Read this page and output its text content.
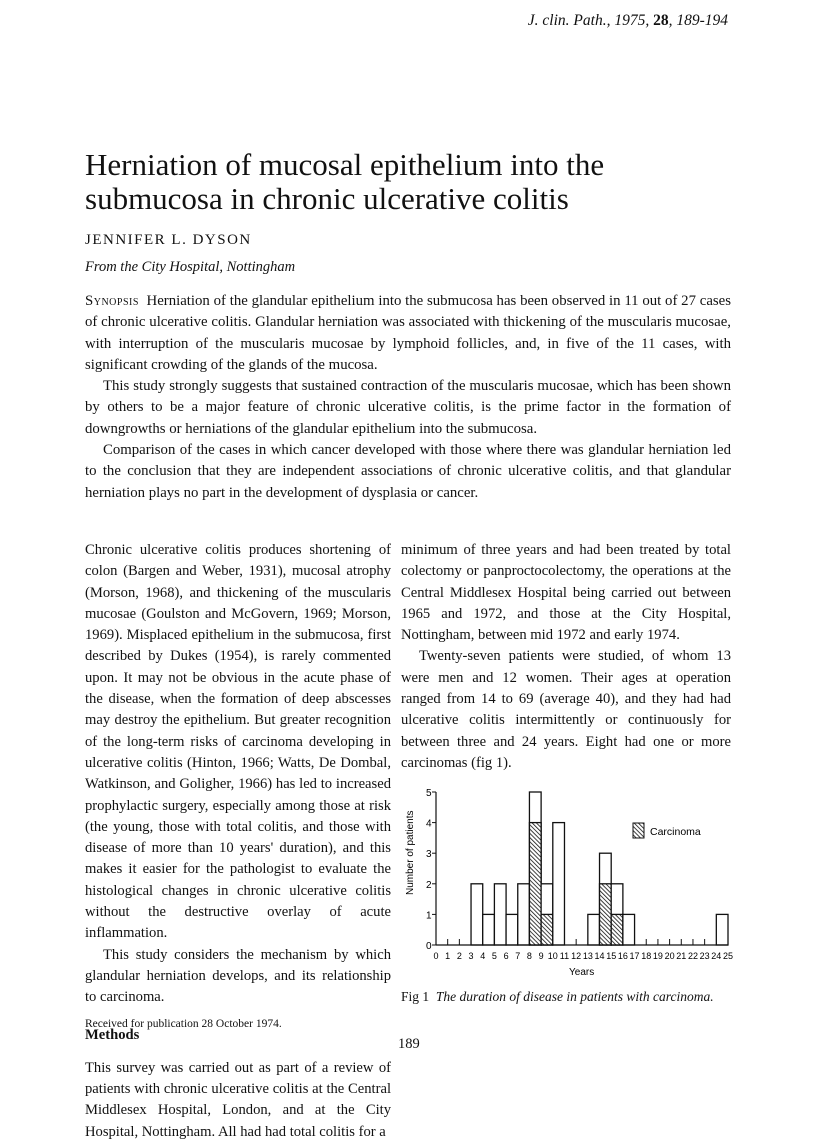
J. clin. Path., 1975, 28, 189-194
Herniation of mucosal epithelium into the submucosa in chronic ulcerative colitis
JENNIFER L. DYSON
From the City Hospital, Nottingham

Synopsis Herniation of the glandular epithelium into the submucosa has been observed in 11 out of 27 cases of chronic ulcerative colitis. Glandular herniation was associated with thickening of the muscularis mucosae, with interruption of the muscularis mucosae by lymphoid follicles, and, in five of the 11 cases, with significant crowding of the glands of the mucosa.

This study strongly suggests that sustained contraction of the muscularis mucosae, which has been shown by others to be a major feature of chronic ulcerative colitis, is the prime factor in the formation of downgrowths or herniations of the glandular epithelium into the submucosa.

Comparison of the cases in which cancer developed with those where there was glandular herniation led to the conclusion that they are independent associations of chronic ulcerative colitis, and that glandular herniation plays no part in the development of dysplasia or cancer.

Chronic ulcerative colitis produces shortening of colon (Bargen and Weber, 1931), mucosal atrophy (Morson, 1968), and thickening of the muscularis mucosae (Goulston and McGovern, 1969; Morson, 1969). Misplaced epithelium in the submucosa, first described by Dukes (1954), is rarely commented upon. It may not be obvious in the acute phase of the disease, when the formation of deep abscesses may destroy the epithelium. But greater recognition of the long-term risks of carcinoma developing in ulcerative colitis (Hinton, 1966; Watts, De Dombal, Watkinson, and Goligher, 1966) has led to increased prophylactic surgery, especially among those at risk (the young, those with total colitis, and those with disease of more than 10 years' duration), and this makes it easier for the pathologist to evaluate the histological changes in chronic ulcerative colitis without the destructive overlay of acute inflammation.

This study considers the mechanism by which glandular herniation develops, and its relationship to carcinoma.

Methods

This survey was carried out as part of a review of patients with chronic ulcerative colitis at the Central Middlesex Hospital, London, and at the City Hospital, Nottingham. All had had total colitis for a

minimum of three years and had been treated by total colectomy or panproctocolectomy, the operations at the Central Middlesex Hospital being carried out between 1965 and 1972, and those at the City Hospital, Nottingham, between mid 1972 and early 1974.

Twenty-seven patients were studied, of whom 13 were men and 12 women. Their ages at operation ranged from 14 to 69 (average 40), and they had had ulcerative colitis intermittently or continuously for between three and 24 years. Eight had one or more carcinomas (fig 1).

0
1
2
3
4
5
0 1 2 3 4 5 6 7 8 9 10 11 12 13 14 15 16 17 18 19 20 21 22 23 24 25
Number of patients
Years
Carcinoma
Fig 1 The duration of disease in patients with carcinoma.
Received for publication 28 October 1974.
189
